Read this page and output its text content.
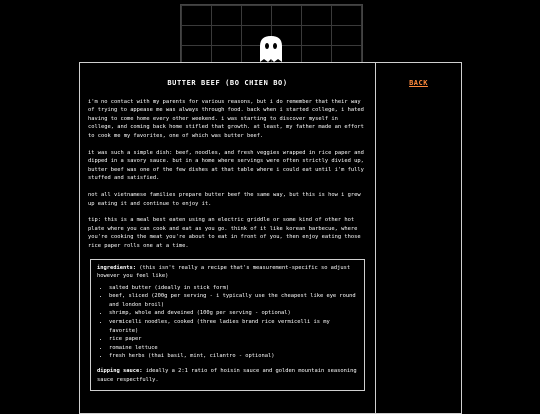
BUTTER BEEF (BO CHIEN BO)

i'm no contact with my parents for various reasons, but i do remember that their way of trying to appease me was always through food. back when i started college, i hated having to come home every other weekend. i was starting to discover myself in college, and coming back home stifled that growth. at least, my father made an effort to cook me my favorites, one of which was butter beef.

it was such a simple dish: beef, noodles, and fresh veggies wrapped in rice paper and dipped in a savory sauce. but in a home where servings were often strictly divied up, butter beef was one of the few dishes at that table where i could eat until i'm fully stuffed and satisfied.

not all vietnamese families prepare butter beef the same way, but this is how i grew up eating it and continue to enjoy it.

tip: this is a meal best eaten using an electric griddle or some kind of other hot plate where you can cook and eat as you go. think of it like korean barbecue, where you're cooking the meat you're about to eat in front of you, then enjoy eating those rice paper rolls one at a time.

ingredients: (this isn't really a recipe that's measurement-specific so adjust however you feel like)
• salted butter (ideally in stick form)
• beef, sliced (200g per serving - i typically use the cheapest like eye round and london broil)
• shrimp, whole and deveined (100g per serving - optional)
• vermicelli noodles, cooked (three ladies brand rice vermicelli is my favorite)
• rice paper
• romaine lettuce
• fresh herbs (thai basil, mint, cilantro - optional)
dipping sauce: ideally a 2:1 ratio of hoisin sauce and golden mountain seasoning sauce respectfully.
BACK
